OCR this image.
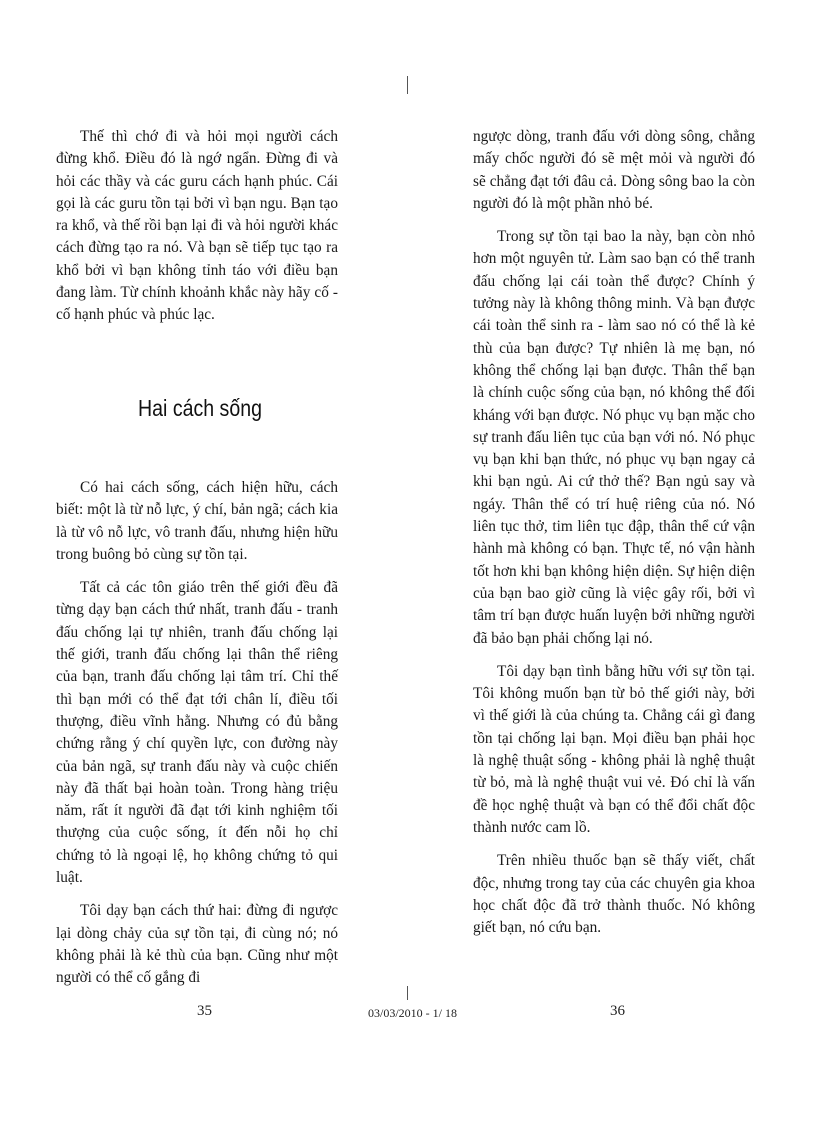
Thế thì chớ đi và hỏi mọi người cách đừng khổ. Điều đó là ngớ ngẩn. Đừng đi và hỏi các thầy và các guru cách hạnh phúc. Cái gọi là các guru tồn tại bởi vì bạn ngu. Bạn tạo ra khổ, và thế rồi bạn lại đi và hỏi người khác cách đừng tạo ra nó. Và bạn sẽ tiếp tục tạo ra khổ bởi vì bạn không tỉnh táo với điều bạn đang làm. Từ chính khoảnh khắc này hãy cố - cố hạnh phúc và phúc lạc.

Hai cách sống

Có hai cách sống, cách hiện hữu, cách biết: một là từ nỗ lực, ý chí, bản ngã; cách kia là từ vô nỗ lực, vô tranh đấu, nhưng hiện hữu trong buông bỏ cùng sự tồn tại.

Tất cả các tôn giáo trên thế giới đều đã từng dạy bạn cách thứ nhất, tranh đấu - tranh đấu chống lại tự nhiên, tranh đấu chống lại thế giới, tranh đấu chống lại thân thể riêng của bạn, tranh đấu chống lại tâm trí. Chỉ thế thì bạn mới có thể đạt tới chân lí, điều tối thượng, điều vĩnh hằng. Nhưng có đủ bằng chứng rằng ý chí quyền lực, con đường này của bản ngã, sự tranh đấu này và cuộc chiến này đã thất bại hoàn toàn. Trong hàng triệu năm, rất ít người đã đạt tới kinh nghiệm tối thượng của cuộc sống, ít đến nỗi họ chỉ chứng tỏ là ngoại lệ, họ không chứng tỏ qui luật.

Tôi dạy bạn cách thứ hai: đừng đi ngược lại dòng chảy của sự tồn tại, đi cùng nó; nó không phải là kẻ thù của bạn. Cũng như một người có thể cố gắng đi

ngược dòng, tranh đấu với dòng sông, chẳng mấy chốc người đó sẽ mệt mỏi và người đó sẽ chẳng đạt tới đâu cả. Dòng sông bao la còn người đó là một phần nhỏ bé.

Trong sự tồn tại bao la này, bạn còn nhỏ hơn một nguyên tử. Làm sao bạn có thể tranh đấu chống lại cái toàn thể được? Chính ý tưởng này là không thông minh. Và bạn được cái toàn thể sinh ra - làm sao nó có thể là kẻ thù của bạn được? Tự nhiên là mẹ bạn, nó không thể chống lại bạn được. Thân thể bạn là chính cuộc sống của bạn, nó không thể đối kháng với bạn được. Nó phục vụ bạn mặc cho sự tranh đấu liên tục của bạn với nó. Nó phục vụ bạn khi bạn thức, nó phục vụ bạn ngay cả khi bạn ngủ. Ai cứ thở thế? Bạn ngủ say và ngáy. Thân thể có trí huệ riêng của nó. Nó liên tục thở, tim liên tục đập, thân thể cứ vận hành mà không có bạn. Thực tế, nó vận hành tốt hơn khi bạn không hiện diện. Sự hiện diện của bạn bao giờ cũng là việc gây rối, bởi vì tâm trí bạn được huấn luyện bởi những người đã bảo bạn phải chống lại nó.

Tôi dạy bạn tình bằng hữu với sự tồn tại. Tôi không muốn bạn từ bỏ thế giới này, bởi vì thế giới là của chúng ta. Chẳng cái gì đang tồn tại chống lại bạn. Mọi điều bạn phải học là nghệ thuật sống - không phải là nghệ thuật từ bỏ, mà là nghệ thuật vui vẻ. Đó chỉ là vấn đề học nghệ thuật và bạn có thể đổi chất độc thành nước cam lồ.

Trên nhiều thuốc bạn sẽ thấy viết, chất độc, nhưng trong tay của các chuyên gia khoa học chất độc đã trở thành thuốc. Nó không giết bạn, nó cứu bạn.

35	03/03/2010 - 1/ 18	36
